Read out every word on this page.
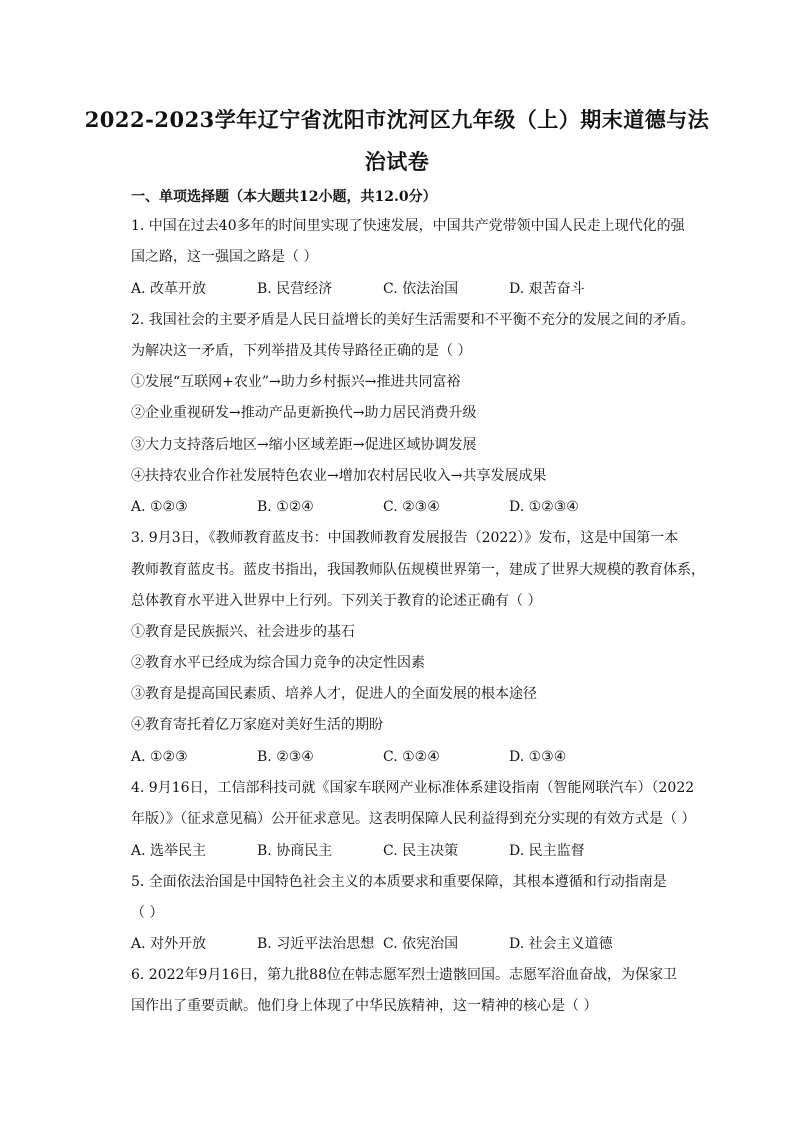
2022-2023学年辽宁省沈阳市沈河区九年级（上）期末道德与法
治试卷

一、单项选择题（本大题共12小题，共12.0分）

1. 中国在过去40多年的时间里实现了快速发展，中国共产党带领中国人民走上现代化的强

国之路，这一强国之路是（ ）

A. 改革开放	B. 民营经济	C. 依法治国	D. 艰苦奋斗

2. 我国社会的主要矛盾是人民日益增长的美好生活需要和不平衡不充分的发展之间的矛盾。

为解决这一矛盾，下列举措及其传导路径正确的是（ ）

①发展“互联网+农业”→助力乡村振兴→推进共同富裕

②企业重视研发→推动产品更新换代→助力居民消费升级

③大力支持落后地区→缩小区域差距→促进区域协调发展

④扶持农业合作社发展特色农业→增加农村居民收入→共享发展成果

A. ①②③	B. ①②④	C. ②③④	D. ①②③④

3. 9月3日，《教师教育蓝皮书：中国教师教育发展报告（2022）》发布，这是中国第一本

教师教育蓝皮书。蓝皮书指出，我国教师队伍规模世界第一，建成了世界大规模的教育体系，

总体教育水平进入世界中上行列。下列关于教育的论述正确有（ ）

①教育是民族振兴、社会进步的基石

②教育水平已经成为综合国力竞争的决定性因素

③教育是提高国民素质、培养人才，促进人的全面发展的根本途径

④教育寄托着亿万家庭对美好生活的期盼

A. ①②③	B. ②③④	C. ①②④	D. ①③④

4. 9月16日，工信部科技司就《国家车联网产业标准体系建设指南（智能网联汽车）（2022

年版）》（征求意见稿）公开征求意见。这表明保障人民利益得到充分实现的有效方式是（ ）

A. 选举民主	B. 协商民主	C. 民主决策	D. 民主监督

5. 全面依法治国是中国特色社会主义的本质要求和重要保障，其根本遵循和行动指南是

（ ）

A. 对外开放	B. 习近平法治思想 C. 依宪治国	D. 社会主义道德

6. 2022年9月16日，第九批88位在韩志愿军烈士遗骸回国。志愿军浴血奋战，为保家卫

国作出了重要贡献。他们身上体现了中华民族精神，这一精神的核心是（ ）
